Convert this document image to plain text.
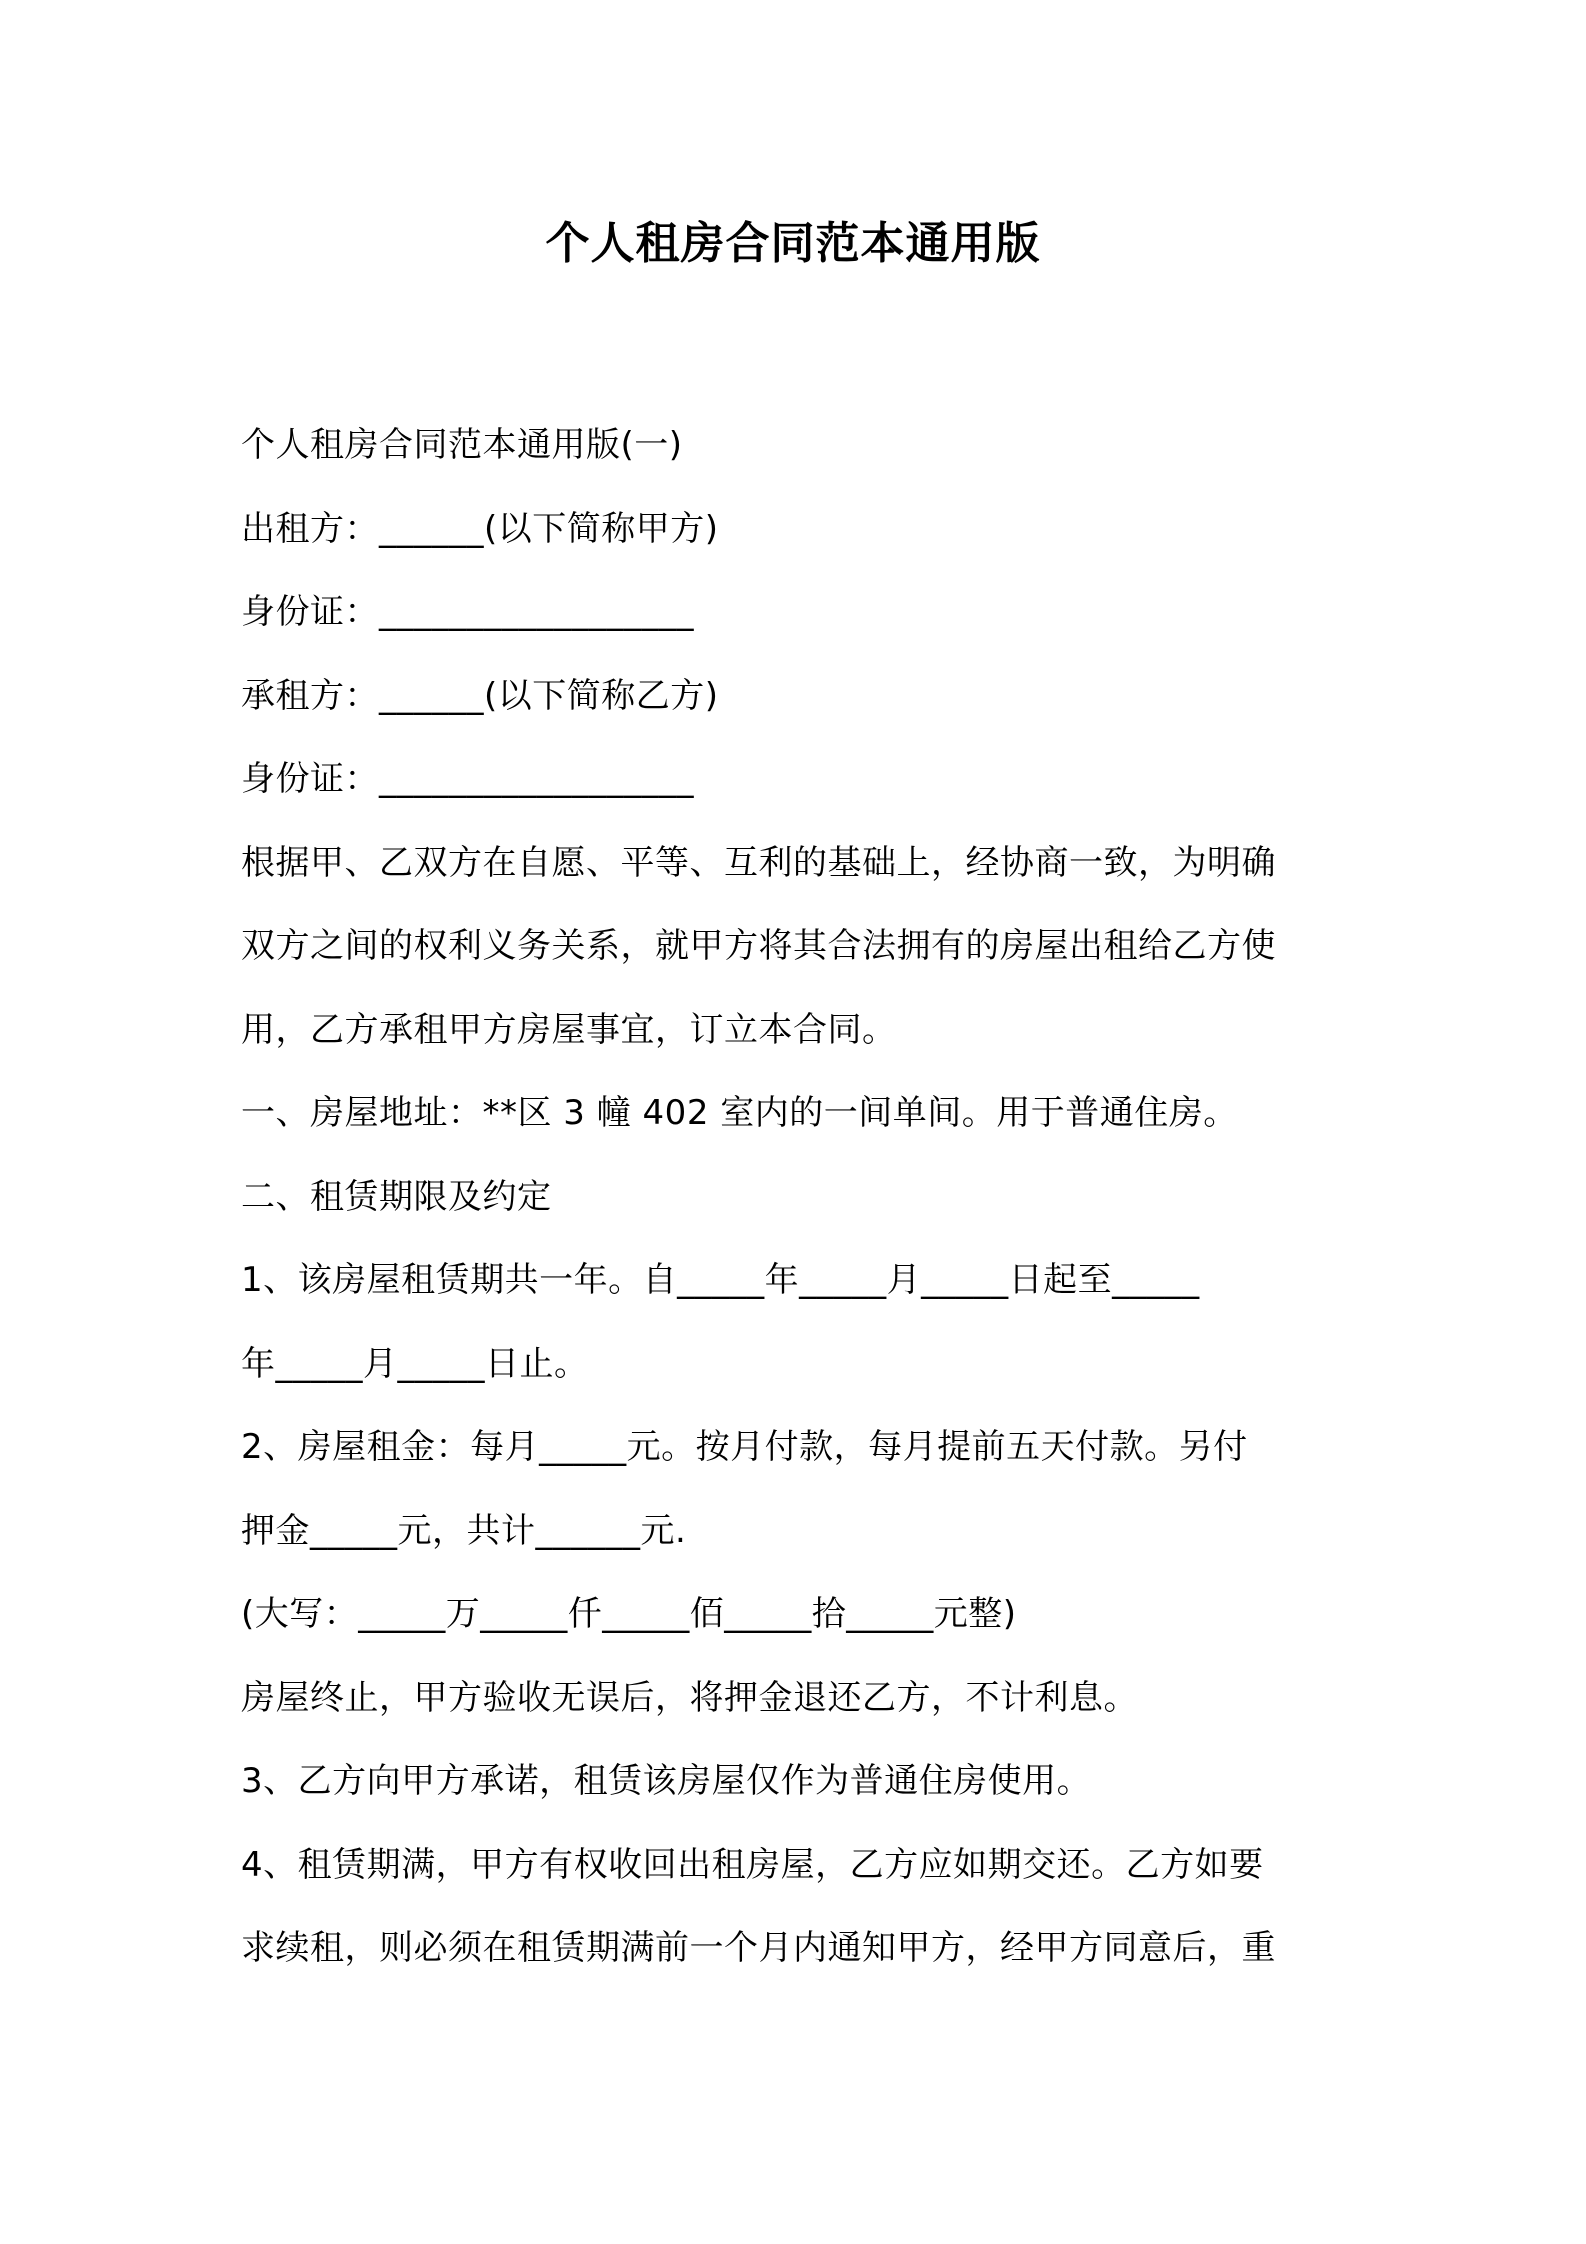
个人租房合同范本通用版
个人租房合同范本通用版(一)
出租方：______(以下简称甲方)
身份证：__________________
承租方：______(以下简称乙方)
身份证：__________________
根据甲、乙双方在自愿、平等、互利的基础上，经协商一致，为明确
双方之间的权利义务关系，就甲方将其合法拥有的房屋出租给乙方使
用，乙方承租甲方房屋事宜，订立本合同。
一、房屋地址：**区 3 幢 402 室内的一间单间。用于普通住房。
二、租赁期限及约定
1、该房屋租赁期共一年。自_____年_____月_____日起至_____
年_____月_____日止。
2、房屋租金：每月_____元。按月付款，每月提前五天付款。另付
押金_____元，共计______元.
(大写：_____万_____仟_____佰_____拾_____元整)
房屋终止，甲方验收无误后，将押金退还乙方，不计利息。
3、乙方向甲方承诺，租赁该房屋仅作为普通住房使用。
4、租赁期满，甲方有权收回出租房屋，乙方应如期交还。乙方如要
求续租，则必须在租赁期满前一个月内通知甲方，经甲方同意后，重
